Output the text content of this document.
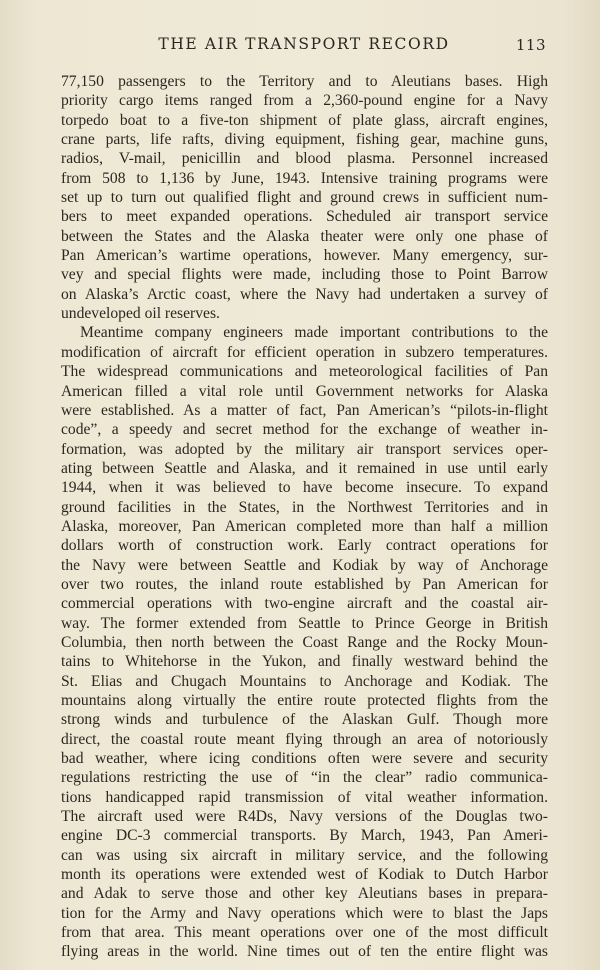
THE AIR TRANSPORT RECORD	113
77,150 passengers to the Territory and to Aleutians bases. High
priority cargo items ranged from a 2,360-pound engine for a Navy
torpedo boat to a five-ton shipment of plate glass, aircraft engines,
crane parts, life rafts, diving equipment, fishing gear, machine guns,
radios, V-mail, penicillin and blood plasma. Personnel increased
from 508 to 1,136 by June, 1943. Intensive training programs were
set up to turn out qualified flight and ground crews in sufficient num-
bers to meet expanded operations. Scheduled air transport service
between the States and the Alaska theater were only one phase of
Pan American’s wartime operations, however. Many emergency, sur-
vey and special flights were made, including those to Point Barrow
on Alaska’s Arctic coast, where the Navy had undertaken a survey of
undeveloped oil reserves.
Meantime company engineers made important contributions to the
modification of aircraft for efficient operation in subzero temperatures.
The widespread communications and meteorological facilities of Pan
American filled a vital role until Government networks for Alaska
were established. As a matter of fact, Pan American’s “pilots-in-flight
code”, a speedy and secret method for the exchange of weather in-
formation, was adopted by the military air transport services oper-
ating between Seattle and Alaska, and it remained in use until early
1944, when it was believed to have become insecure. To expand
ground facilities in the States, in the Northwest Territories and in
Alaska, moreover, Pan American completed more than half a million
dollars worth of construction work. Early contract operations for
the Navy were between Seattle and Kodiak by way of Anchorage
over two routes, the inland route established by Pan American for
commercial operations with two-engine aircraft and the coastal air-
way. The former extended from Seattle to Prince George in British
Columbia, then north between the Coast Range and the Rocky Moun-
tains to Whitehorse in the Yukon, and finally westward behind the
St. Elias and Chugach Mountains to Anchorage and Kodiak. The
mountains along virtually the entire route protected flights from the
strong winds and turbulence of the Alaskan Gulf. Though more
direct, the coastal route meant flying through an area of notoriously
bad weather, where icing conditions often were severe and security
regulations restricting the use of “in the clear” radio communica-
tions handicapped rapid transmission of vital weather information.
The aircraft used were R4Ds, Navy versions of the Douglas two-
engine DC-3 commercial transports. By March, 1943, Pan Ameri-
can was using six aircraft in military service, and the following
month its operations were extended west of Kodiak to Dutch Harbor
and Adak to serve those and other key Aleutians bases in prepara-
tion for the Army and Navy operations which were to blast the Japs
from that area. This meant operations over one of the most difficult
flying areas in the world. Nine times out of ten the entire flight was
